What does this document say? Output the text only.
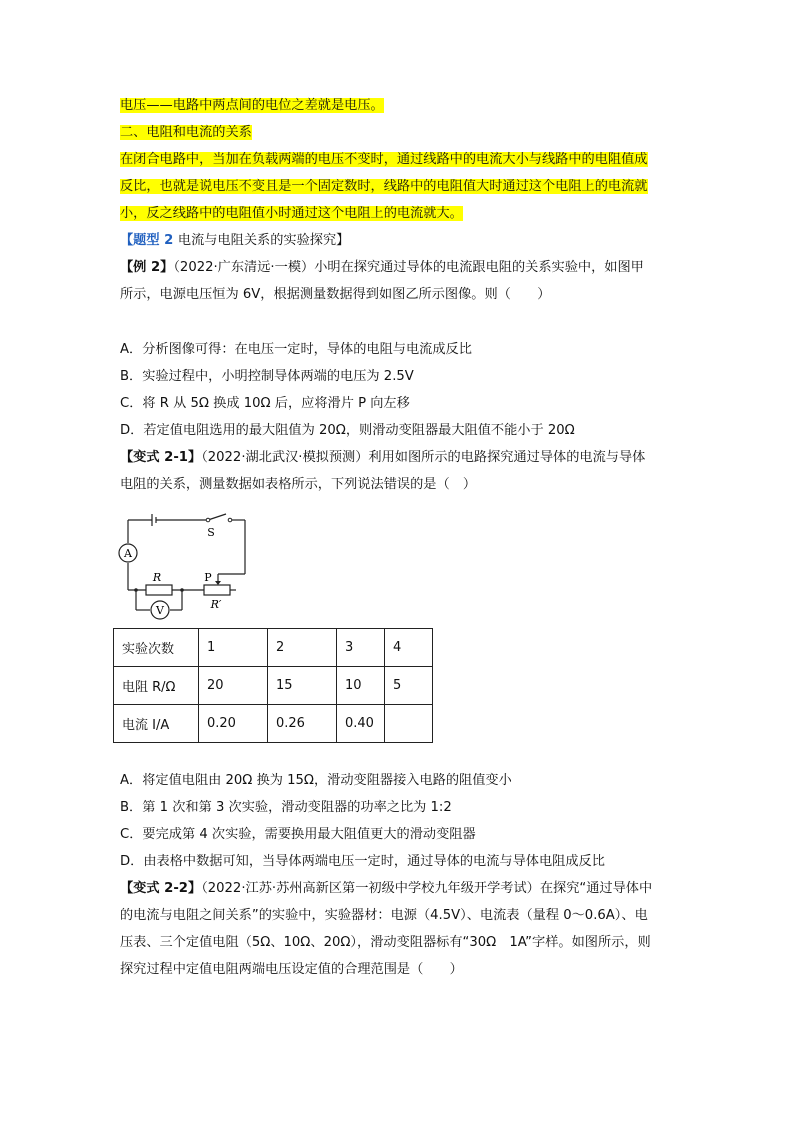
电压——电路中两点间的电位之差就是电压。
二、电阻和电流的关系
在闭合电路中，当加在负载两端的电压不变时，通过线路中的电流大小与线路中的电阻值成
反比，也就是说电压不变且是一个固定数时，线路中的电阻值大时通过这个电阻上的电流就
小，反之线路中的电阻值小时通过这个电阻上的电流就大。
【题型 2 电流与电阻关系的实验探究】
【例 2】（2022·广东清远·一模）小明在探究通过导体的电流跟电阻的关系实验中，如图甲
所示，电源电压恒为 6V，根据测量数据得到如图乙所示图像。则（　　）
A．分析图像可得：在电压一定时，导体的电阻与电流成反比
B．实验过程中，小明控制导体两端的电压为 2.5V
C．将 R 从 5Ω 换成 10Ω 后，应将滑片 P 向左移
D．若定值电阻选用的最大阻值为 20Ω，则滑动变阻器最大阻值不能小于 20Ω
【变式 2-1】（2022·湖北武汉·模拟预测）利用如图所示的电路探究通过导体的电流与导体
电阻的关系，测量数据如表格所示，下列说法错误的是（　）
A
V
S
R	P
R′
实验次数	1	2	3	4
电阻 R/Ω	20	15	10	5
电流 I/A	0.20	0.26	0.40	
A．将定值电阻由 20Ω 换为 15Ω，滑动变阻器接入电路的阻值变小
B．第 1 次和第 3 次实验，滑动变阻器的功率之比为 1:2
C．要完成第 4 次实验，需要换用最大阻值更大的滑动变阻器
D．由表格中数据可知，当导体两端电压一定时，通过导体的电流与导体电阻成反比
【变式 2-2】（2022·江苏·苏州高新区第一初级中学校九年级开学考试）在探究“通过导体中
的电流与电阻之间关系”的实验中，实验器材：电源（4.5V）、电流表（量程 0～0.6A）、电
压表、三个定值电阻（5Ω、10Ω、20Ω），滑动变阻器标有“30Ω　1A”字样。如图所示，则
探究过程中定值电阻两端电压设定值的合理范围是（　　）
